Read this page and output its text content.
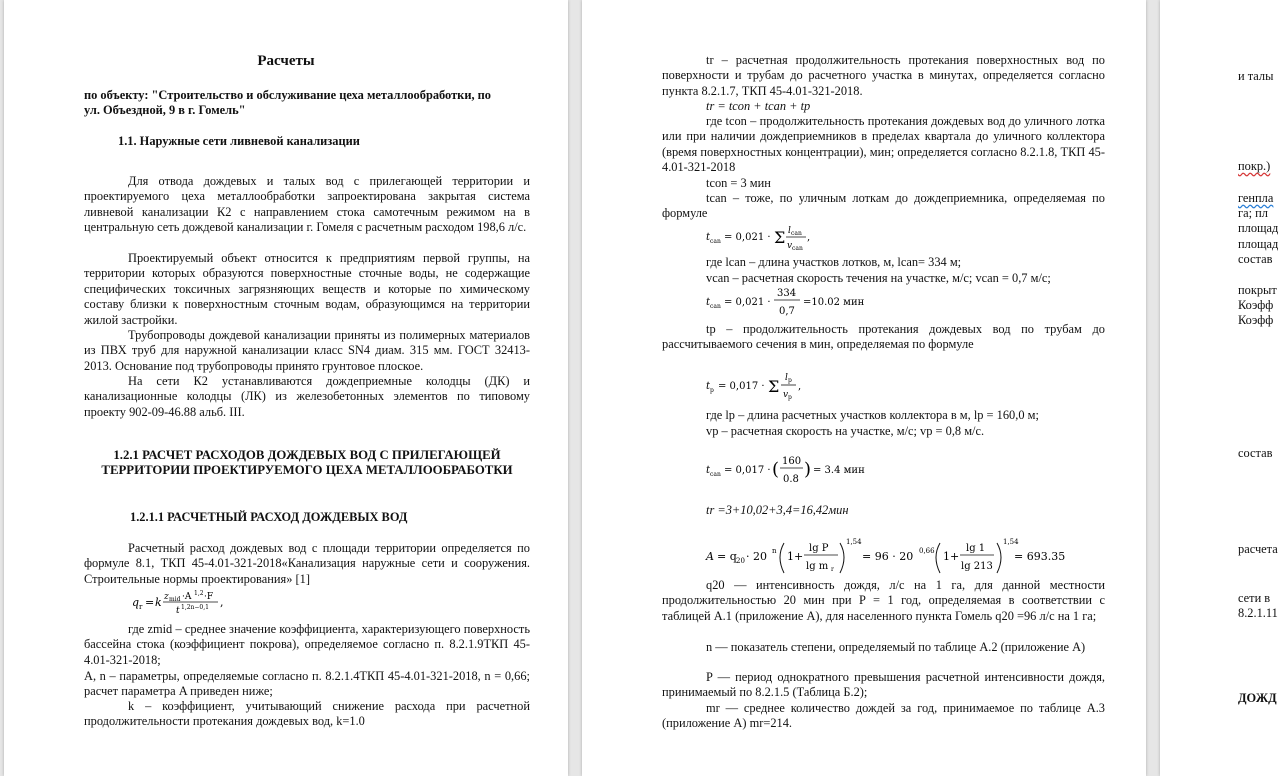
Расчеты
по объекту: "Строительство и обслуживание цеха металлообработки, по
ул. Объездной, 9 в г. Гомель"
1.1. Наружные сети ливневой канализации
Для отвода дождевых и талых вод с прилегающей территории и проектируемого цеха металлообработки запроектирована закрытая система ливневой канализации К2 с направлением стока самотечным режимом на в центральную сеть дождевой канализации г. Гомеля с расчетным расходом 198,6 л/с.
Проектируемый объект относится к предприятиям первой группы, на территории которых образуются поверхностные сточные воды, не содержащие специфических токсичных загрязняющих веществ и которые по химическому составу близки к поверхностным сточным водам, образующимся на территории жилой застройки.
Трубопроводы дождевой канализации приняты из полимерных материалов из ПВХ труб для наружной канализации класс SN4 диам. 315 мм. ГОСТ 32413-2013. Основание под трубопроводы принято грунтовое плоское.
На сети К2 устанавливаются дождеприемные колодцы (ДК) и канализационные колодцы (ЛК) из железобетонных элементов по типовому проекту 902-09-46.88 альб. III.
1.2.1 РАСЧЕТ РАСХОДОВ ДОЖДЕВЫХ ВОД С ПРИЛЕГАЮЩЕЙ ТЕРРИТОРИИ ПРОЕКТИРУЕМОГО ЦЕХА МЕТАЛЛООБРАБОТКИ
1.2.1.1 РАСЧЕТНЫЙ РАСХОД ДОЖДЕВЫХ ВОД
Расчетный расход дождевых вод с площади территории определяется по формуле 8.1, ТКП 45-4.01-321-2018«Канализация наружные сети и сооружения. Строительные нормы проектирования» [1]
q r = k z mid ·A 1,2 ·F
t 1,2n−0,1 ,
где zmid – среднее значение коэффициента, характеризующего поверхность бассейна стока (коэффициент покрова), определяемое согласно п. 8.2.1.9ТКП 45-4.01-321-2018;
A, n – параметры, определяемые согласно п. 8.2.1.4ТКП 45-4.01-321-2018, n = 0,66; расчет параметра A приведен ниже;
k – коэффициент, учитывающий снижение расхода при расчетной продолжительности протекания дождевых вод, k=1.0
tr – расчетная продолжительность протекания поверхностных вод по поверхности и трубам до расчетного участка в минутах, определяется согласно пункта 8.2.1.7, ТКП 45-4.01-321-2018.
tr = tcon + tcan + tp
где tcon – продолжительность протекания дождевых вод до уличного лотка или при наличии дождеприемников в пределах квартала до уличного коллектора (время поверхностных концентрации), мин; определяется согласно 8.2.1.8, ТКП 45-4.01-321-2018
tcon = 3 мин
tcan – тоже, по уличным лоткам до дождеприемника, определяемая по формуле
t can = 0,021 · Σ l can
v can
,
где lcan – длина участков лотков, м, lcan= 334 м;
vcan – расчетная скорость течения на участке, м/с; vcan = 0,7 м/с;
t can = 0,021 ·
334
0,7
=10.02 мин
tp – продолжительность протекания дождевых вод по трубам до рассчитываемого сечения в мин, определяемая по формуле
t p = 0,017 · Σ l p
v p
,
где lp – длина расчетных участков коллектора в м, lp = 160,0 м;
vp – расчетная скорость на участке, м/с; vp = 0,8 м/с.
t can = 0,017 · ( 160
0.8 ) = 3.4 мин
tr =3+10,02+3,4=16,42мин
A = q 20 · 20 n 1+
lg P
lg m r
1,54
= 96 · 20 0,66 1+
lg 1
lg 213
1,54
= 693.35
q20 — интенсивность дождя, л/с на 1 га, для данной местности продолжительностью 20 мин при P = 1 год, определяемая в соответствии с таблицей А.1 (приложение А), для населенного пункта Гомель q20 =96 л/с на 1 га;
n — показатель степени, определяемый по таблице А.2 (приложение А)
P — период однократного превышения расчетной интенсивности дождя, принимаемый по 8.2.1.5 (Таблица Б.2);
mr — среднее количество дождей за год, принимаемое по таблице А.3 (приложение А) mr=214.
и талы
покр.)
генпла
га; пл
площад
площад
состав
покрыт
Коэфф
Коэфф
состав
расчета
сети в
8.2.1.11
ДОЖД
